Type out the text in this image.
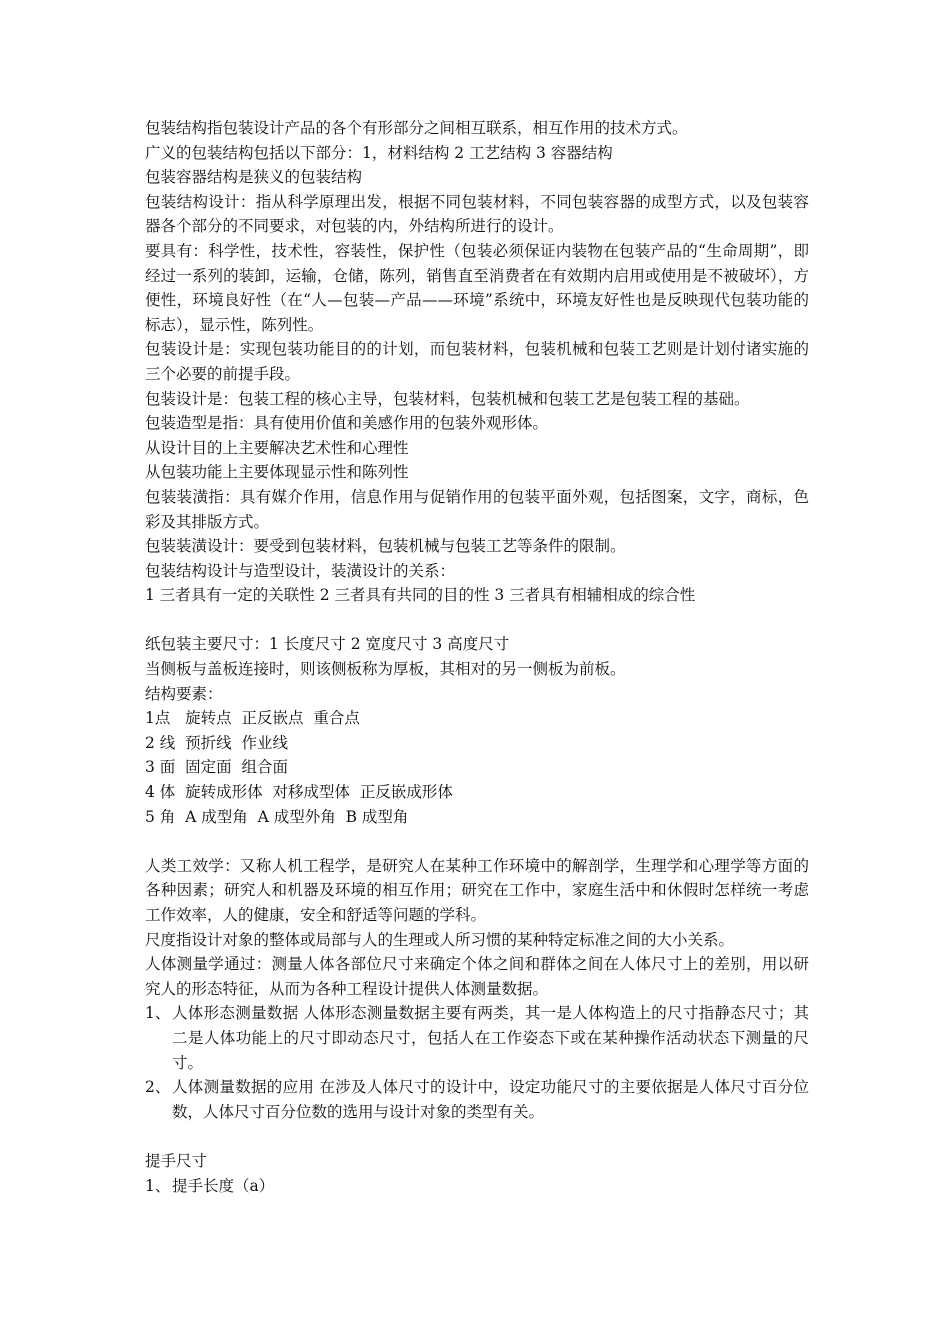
包装结构指包装设计产品的各个有形部分之间相互联系，相互作用的技术方式。

广义的包装结构包括以下部分：1，材料结构 2 工艺结构 3 容器结构

包装容器结构是狭义的包装结构

包装结构设计：指从科学原理出发，根据不同包装材料，不同包装容器的成型方式，以及包装容器各个部分的不同要求，对包装的内，外结构所进行的设计。

要具有：科学性，技术性，容装性，保护性（包装必须保证内装物在包装产品的“生命周期”，即经过一系列的装卸，运输，仓储，陈列，销售直至消费者在有效期内启用或使用是不被破坏），方便性，环境良好性（在“人—包装—产品——环境”系统中，环境友好性也是反映现代包装功能的标志），显示性，陈列性。

包装设计是：实现包装功能目的的计划，而包装材料，包装机械和包装工艺则是计划付诸实施的三个必要的前提手段。

包装设计是：包装工程的核心主导，包装材料，包装机械和包装工艺是包装工程的基础。

包装造型是指：具有使用价值和美感作用的包装外观形体。

从设计目的上主要解决艺术性和心理性

从包装功能上主要体现显示性和陈列性

包装装潢指：具有媒介作用，信息作用与促销作用的包装平面外观，包括图案，文字，商标，色彩及其排版方式。

包装装潢设计：要受到包装材料，包装机械与包装工艺等条件的限制。

包装结构设计与造型设计，装潢设计的关系：

1 三者具有一定的关联性 2 三者具有共同的目的性 3 三者具有相辅相成的综合性

纸包装主要尺寸：1 长度尺寸 2 宽度尺寸 3 高度尺寸

当侧板与盖板连接时，则该侧板称为厚板，其相对的另一侧板为前板。

结构要素：

1点   旋转点  正反嵌点  重合点

2 线  预折线  作业线

3 面  固定面  组合面

4 体  旋转成形体  对移成型体  正反嵌成形体

5 角  A 成型角  A 成型外角  B 成型角

人类工效学：又称人机工程学，是研究人在某种工作环境中的解剖学，生理学和心理学等方面的各种因素；研究人和机器及环境的相互作用；研究在工作中，家庭生活中和休假时怎样统一考虑工作效率，人的健康，安全和舒适等问题的学科。

尺度指设计对象的整体或局部与人的生理或人所习惯的某种特定标准之间的大小关系。

人体测量学通过：测量人体各部位尺寸来确定个体之间和群体之间在人体尺寸上的差别，用以研究人的形态特征，从而为各种工程设计提供人体测量数据。

1、 人体形态测量数据 人体形态测量数据主要有两类，其一是人体构造上的尺寸指静态尺寸；其二是人体功能上的尺寸即动态尺寸，包括人在工作姿态下或在某种操作活动状态下测量的尺寸。
2、 人体测量数据的应用 在涉及人体尺寸的设计中，设定功能尺寸的主要依据是人体尺寸百分位数，人体尺寸百分位数的选用与设计对象的类型有关。

提手尺寸

1、 提手长度（a）
